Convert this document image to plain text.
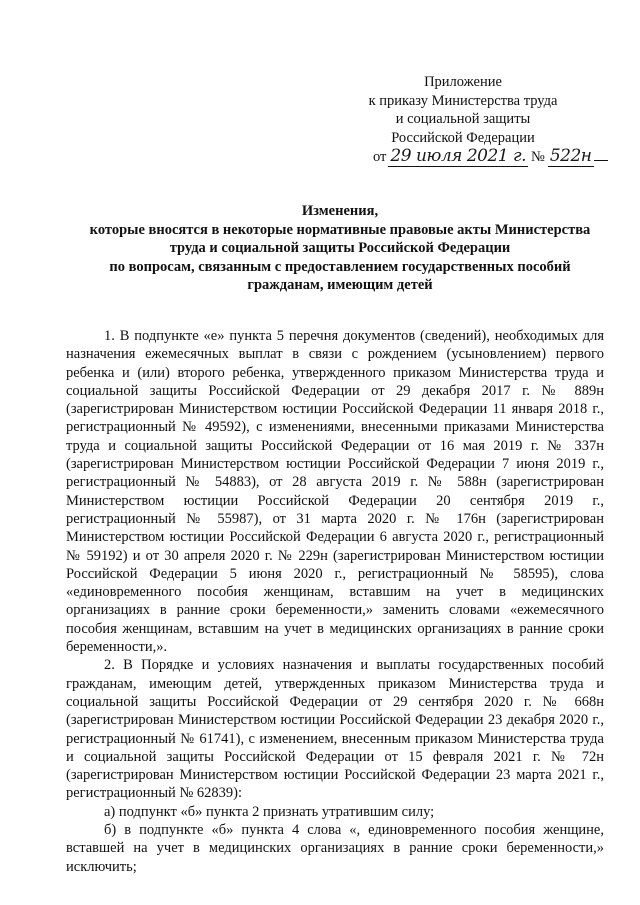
Приложение
к приказу Министерства труда
и социальной защиты
Российской Федерации
от 29 июля 2021 г. № 522н
Изменения,
которые вносятся в некоторые нормативные правовые акты Министерства
труда и социальной защиты Российской Федерации
по вопросам, связанным с предоставлением государственных пособий
гражданам, имеющим детей

1. В подпункте «е» пункта 5 перечня документов (сведений), необходимых для назначения ежемесячных выплат в связи с рождением (усыновлением) первого ребенка и (или) второго ребенка, утвержденного приказом Министерства труда и социальной защиты Российской Федерации от 29 декабря 2017 г. № 889н (зарегистрирован Министерством юстиции Российской Федерации 11 января 2018 г., регистрационный № 49592), с изменениями, внесенными приказами Министерства труда и социальной защиты Российской Федерации от 16 мая 2019 г. № 337н (зарегистрирован Министерством юстиции Российской Федерации 7 июня 2019 г., регистрационный № 54883), от 28 августа 2019 г. № 588н (зарегистрирован Министерством юстиции Российской Федерации 20 сентября 2019 г., регистрационный № 55987), от 31 марта 2020 г. № 176н (зарегистрирован Министерством юстиции Российской Федерации 6 августа 2020 г., регистрационный № 59192) и от 30 апреля 2020 г. № 229н (зарегистрирован Министерством юстиции Российской Федерации 5 июня 2020 г., регистрационный № 58595), слова «единовременного пособия женщинам, вставшим на учет в медицинских организациях в ранние сроки беременности,» заменить словами «ежемесячного пособия женщинам, вставшим на учет в медицинских организациях в ранние сроки беременности,».

2. В Порядке и условиях назначения и выплаты государственных пособий гражданам, имеющим детей, утвержденных приказом Министерства труда и социальной защиты Российской Федерации от 29 сентября 2020 г. № 668н (зарегистрирован Министерством юстиции Российской Федерации 23 декабря 2020 г., регистрационный № 61741), с изменением, внесенным приказом Министерства труда и социальной защиты Российской Федерации от 15 февраля 2021 г. № 72н (зарегистрирован Министерством юстиции Российской Федерации 23 марта 2021 г., регистрационный № 62839):

а) подпункт «б» пункта 2 признать утратившим силу;

б) в подпункте «б» пункта 4 слова «, единовременного пособия женщине, вставшей на учет в медицинских организациях в ранние сроки беременности,» исключить;
